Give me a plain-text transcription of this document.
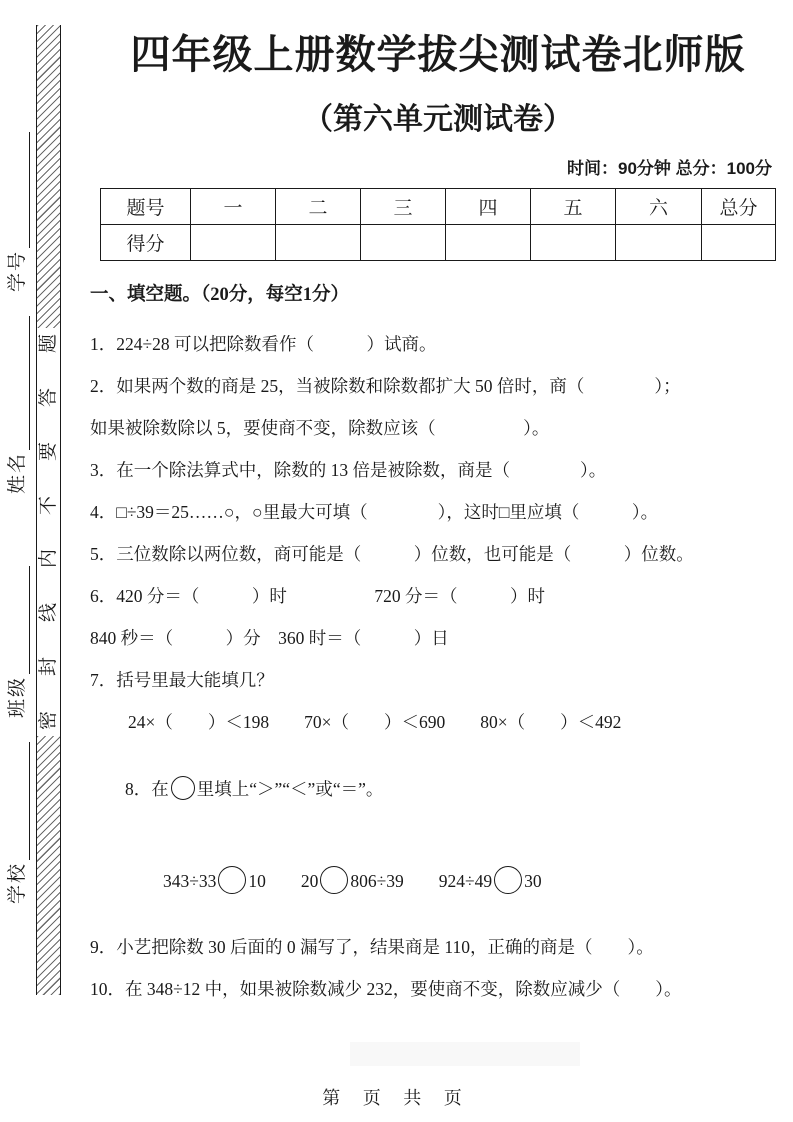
题
答
要
不
内
线
封
密
学号
姓名
班级
学校
四年级上册数学拔尖测试卷北师版
（第六单元测试卷）
时间：90分钟 总分：100分
题号	一	二	三	四	五	六	总分
得分							
一、填空题。（20分，每空1分）

1．224÷28 可以把除数看作（　　　）试商。

2．如果两个数的商是 25，当被除数和除数都扩大 50 倍时，商（　　　　）；

如果被除数除以 5，要使商不变，除数应该（　　　　　）。

3．在一个除法算式中，除数的 13 倍是被除数，商是（　　　　）。

4．□÷39＝25……○，○里最大可填（　　　　），这时□里应填（　　　）。

5．三位数除以两位数，商可能是（　　　）位数，也可能是（　　　）位数。

6．420 分＝（　　　）时　　　　　720 分＝（　　　）时

840 秒＝（　　　）分　360 时＝（　　　）日

7．括号里最大能填几？

24×（　　）＜198　　70×（　　）＜690　　80×（　　）＜492

8．在 里填上“＞”“＜”或“＝”。

343÷33 10　　20 806÷39　　924÷49 30

9．小艺把除数 30 后面的 0 漏写了，结果商是 110，正确的商是（　　）。

10．在 348÷12 中，如果被除数减少 232，要使商不变，除数应减少（　　）。

第 页 共 页
